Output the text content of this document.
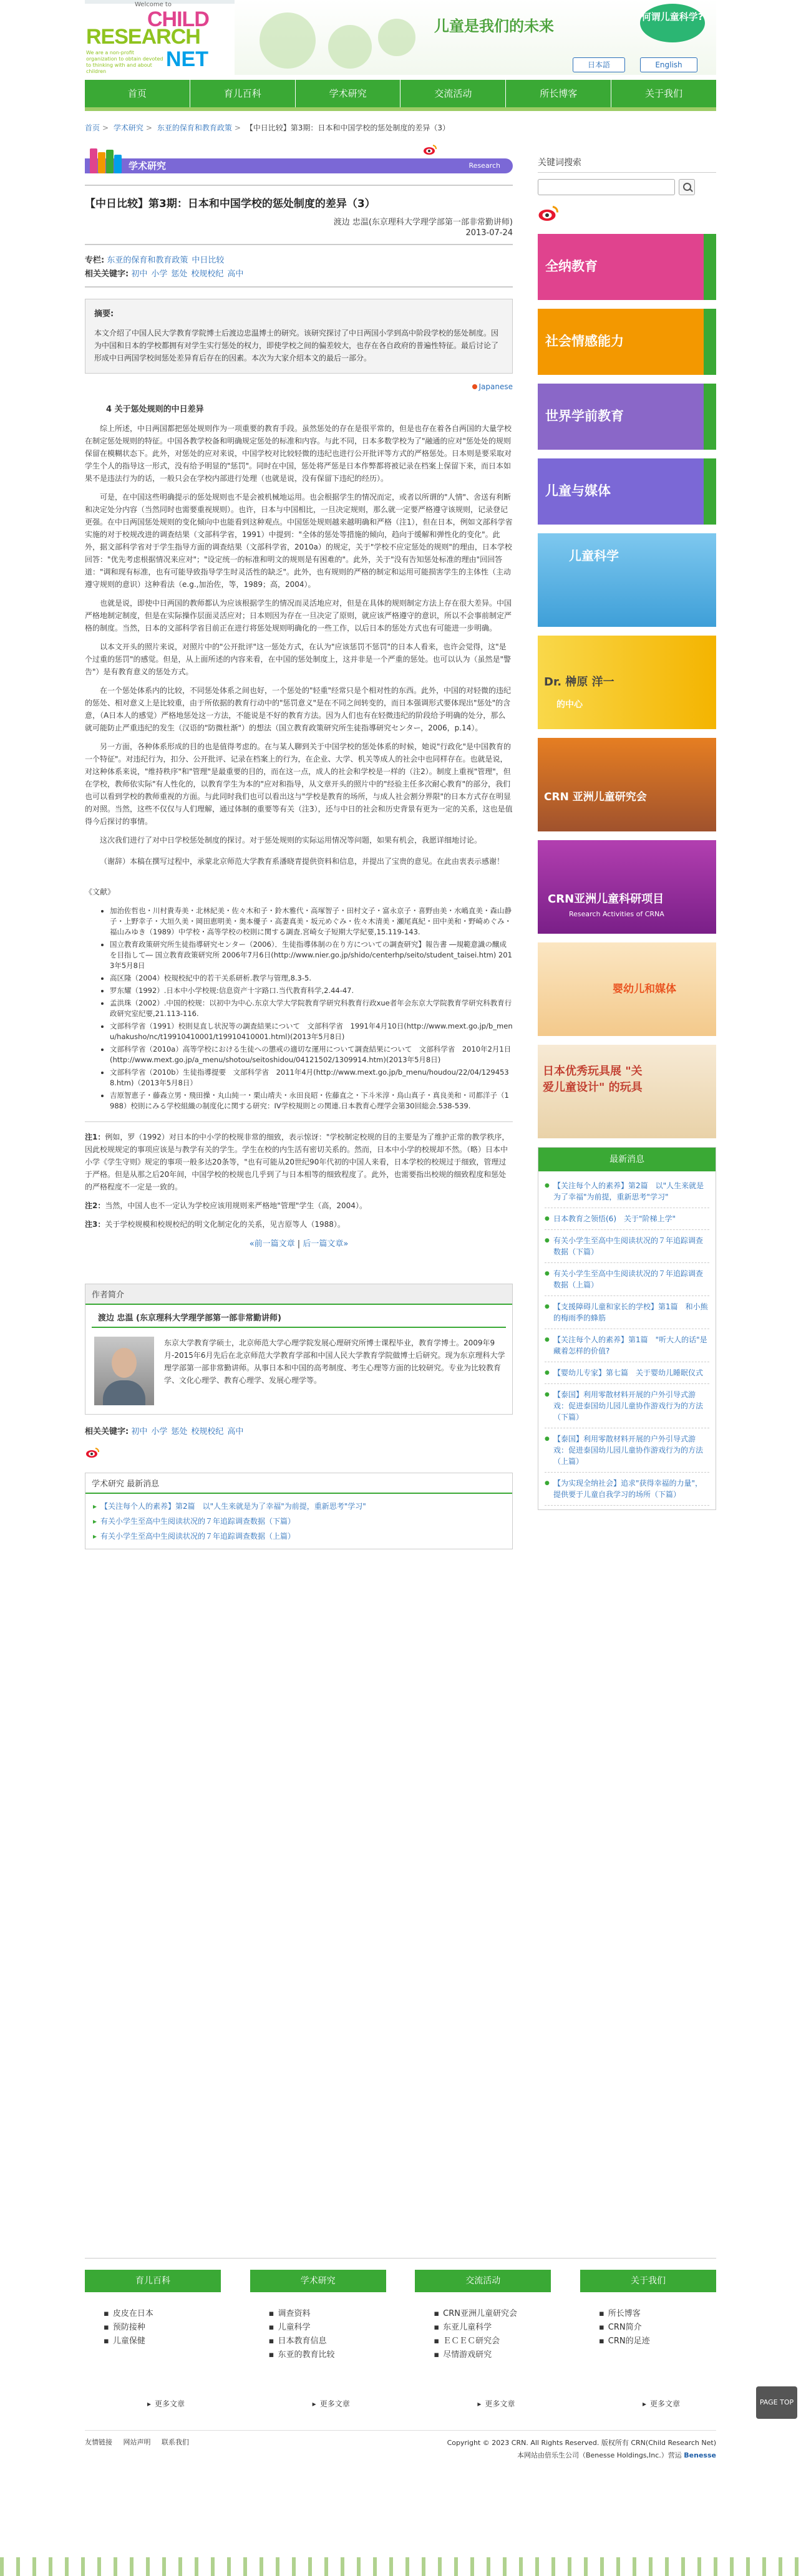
Welcome to
CHILD
RESEARCH
We are a non-profit organization to obtain devoted to thinking with and about children
NET
儿童是我们的未来
何谓儿童科学?
日本語	English
首页	育儿百科	学术研究	交流活动	所长博客	关于我们
首页 > 学术研究 > 东亚的保育和教育政策 > 【中日比较】第3期：日本和中国学校的惩处制度的差异（3）
学术研究	Research
【中日比较】第3期：日本和中国学校的惩处制度的差异（3）
渡边 忠温(东京理科大学理学部第一部非常勤讲师)
2013-07-24
专栏: 东亚的保育和教育政策 中日比较
相关关键字: 初中 小学 惩处 校规校纪 高中
摘要:

本文介绍了中国人民大学教育学院博士后渡边忠温博士的研究。该研究探讨了中日两国小学到高中阶段学校的惩处制度。因为中国和日本的学校都拥有对学生实行惩处的权力，即使学校之间的偏差较大，也存在各自政府的普遍性特征。最后讨论了形成中日两国学校间惩处差异育后存在的因素。本次为大家介绍本文的最后一部分。

Japanese
4 关于惩处规则的中日差异

综上所述，中日两国都把惩处规则作为一项重要的教育手段。虽然惩处的存在是很平常的，但是也存在着各自两国的大量学校在制定惩处规则的特征。中国各教学校备和明确规定惩处的标准和内容。与此不同，日本多数学校为了"融通的应对"惩处处的规则保留在模糊状态下。此外，对惩处的应对来说，中国学校对比较轻微的违纪也进行公开批评等方式的严格惩处。日本则是要采取对学生个人的指导这一形式，没有给予明显的"惩罚"。同时在中国，惩处将严惩是日本作弊都将被记录在档案上保留下来，而日本如果不是违法行为的话，一般只会在学校内部进行处理（也就是说，没有保留下违纪的经历）。

可是，在中国这些明确提示的惩处规则也不是会被机械地运用。也会根据学生的情况而定，或者以所谓的"人情"、舍送有利断和决定处分内容（当然同时也需要重视规则）。也许，日本与中国相比，一旦决定规则，那么就一定要严格遵守该规则，记录登记更强。在中日两国惩处规则的变化倾向中也能看到这种观点。中国惩处规则越来越明确和严格（注1），但在日本，例如文部科学省实施的对于校规改进的调查结果（文部科学省，1991）中提到："全体的惩处等措施的倾向，趋向于缓解和弹性化的变化"。此外，据文部科学省对于学生指导方面的调查结果（文部科学省，2010a）的规定，关于"学校不应定惩处的规则"的理由，日本学校回答："优先考虑根据情况来应对"；"设定统一的标准和明文的规则是有困难的"。此外，关于"没有告知惩处标准的理由"回回答道："调和现有标准，也有可能导致指导学生时灵活性的缺乏"。此外，也有规则的严格的制定和运用可能损害学生的主体性（主动遵守规则的意识）这种看法（e.g.,加治佐，等，1989；高，2004）。

也就是说，即使中日两国的教师都认为应该根据学生的情况而灵活地应对，但是在具体的规则制定方法上存在很大差异。中国严格地制定制度，但是在实际操作层面灵活应对；日本则因为存在一旦决定了原则，就应该严格遵守的意识，所以不会事前制定严格的制度。当然，日本的文部科学省目前正在进行将惩处规则明确化的一些工作，以后日本的惩处方式也有可能进一步明确。

以本文开头的照片来说，对照片中的"公开批评"这一惩处方式，在认为"应该惩罚不惩罚"的日本人看来，也许会觉得，这"是个过重的惩罚"的感觉。但是，从上面所述的内容来看，在中国的惩处制度上，这并非是一个严重的惩处。也可以认为（虽然是"警告"）是有教育意义的惩处方式。

在一个惩处体系内的比较，不同惩处体系之间也好，一个惩处的"轻重"经常只是个相对性的东西。此外，中国的对轻微的违纪的惩处、相对意义上是比较重，由于所依据的教育行动中的"惩罚意义"是在不同之间转变的，而日本强调形式要体现出"惩处"的含意，（A日本人的感觉）严格地惩处这一方法，不能说是不好的教育方法。因为人们也有在轻微违纪的阶段给予明确的处分，那么就可能防止严重违纪的发生（汉语的"防微杜渐"）的想法（国立教育政策研究所生徒指導研究センター，2006，p.14）。

另一方面，各种体系形成的目的也是值得考虑的。在与某人聊到关于中国学校的惩处体系的时候，她说"行政化"是中国教育的一个特征"。对违纪行为，扣分、公开批评、记录在档案上的行为，在企业、大学、机关等成人的社会中也同样存在。也就是说，对这种体系来说，"维持秩序"和"管理"是最重要的目的，而在这一点，成人的社会和学校是一样的（注2）。制度上重视"管理"，但在学校，教师依实际"有人性化的，以教育学生为本的"应对和指导，从文章开头的照片中的"经验主任多次耐心教育"的部分，我们也可以看到学校的教师重视的方面。与此同时我们也可以看出这与"学校是教育的场所，与成人社会割分界限"的日本方式存在明显的对照。当然，这些不仅仅与人们理解，通过体制的重要等有关（注3），还与中日的社会和历史背景有更为一定的关系，这也是值得今后探讨的事情。

这次我们进行了对中日学校惩处制度的探讨。对于惩处规则的实际运用情况等问题，如果有机会，我愿详细地讨论。

（谢辞）本稿在撰写过程中，承蒙北京师范大学教育系潘晓青提供资料和信息，并提出了宝贵的意见。在此由衷表示感谢！

《文献》
• 加治佐哲也・川村貴寿美・北林紀美・佐々木和子・鈴木雅代・高塚智子・田村文子・富永京子・喜野由美・水嶋直美・森山静子・上野幸子・大垣久美・岡田恵明美・奥本優子・高妻真美・坂元めぐみ・佐々木清美・瀬尾真紀・田中美和・野崎めぐみ・福山みゆき（1989）中学校・高等学校の校則に関する調査.宮崎女子短期大学紀要,15.119-143.
• 国立教育政策研究所生徒指導研究センター（2006）．生徒指導体制の在り方についての調査研究】報告書 ―規範意識の醸成を目指して― 国立教育政策研究所 2006年7月6日(http://www.nier.go.jp/shido/centerhp/seito/student_taisei.htm) 2013年5月8日
• 高区隆（2004）校規校紀中的若干关系研析.教学与管理,8.3-5.
• 罗东耀（1992）.日本中小学校规:信息资产十字路口.当代教育科学,2.44-47.
• 孟洪珠（2002）.中国的校规：以初中为中心.东京大学大学院教育学研究科教育行政xue者年会东京大学院教育学研究科教育行政研究室纪要,21.113-116.
• 文部科学省（1991）校則見直し状況等の調査結果について　文部科学省　1991年4月10日(http://www.mext.go.jp/b_menu/hakusho/nc/t19910410001/t19910410001.html)(2013年5月8日)
• 文部科学省（2010a）高等学校における生徒への懲戒の適切な運用について調査結果について　文部科学省　2010年2月1日(http://www.mext.go.jp/a_menu/shotou/seitoshidou/04121502/1309914.htm)(2013年5月8日)
• 文部科学省（2010b）生徒指導提要　文部科学省　2011年4月(http://www.mext.go.jp/b_menu/houdou/22/04/1294538.htm)（2013年5月8日）
• 吉原智恵子・藤森立男・飛田操・丸山純一・栗山靖夫・永田良昭・佐藤直之・下斗米淳・鳥山真子・真良美和・司都洋子（1988）校則にみる学校組織の制度化に関する研究：IV学校規則との関連.日本教育心理学会第30回総会.538-539.

注1：例如，罗（1992）对日本的中小学的校规非常的细致，表示惊讶："学校制定校规的目的主要是为了维护正常的教学秩序，因此校规规定的事项应该是与教学有关的学生。学生在校的内生活有密切关系的。然而，日本中小学的校规却不然。（略）日本中小学《学生守则》规定的事项一般多达20条等，"也有可能从20世纪90年代初的中国人来看，日本学校的校规过于细致，管理过于严格。但是从那之后20年间，中国学校的校规也几乎到了与日本相等的细致程度了。此外，也需要指出校规的细致程度和惩处的严格程度不一定是一致的。

注2：当然，中国人也不一定认为学校应该用规则来严格地"管理"学生（高，2004）。

注3：关于学校规模和校规校纪的明文化制定化的关系，见吉原等人（1988）。

«前一篇文章 | 后一篇文章»
作者简介
渡边 忠温 (东京理科大学理学部第一部非常勤讲师)

东京大学教育学硕士，北京师范大学心理学院发展心理研究所博士课程毕业，教育学博士。2009年9月-2015年6月先后在北京师范大学教育学部和中国人民大学教育学院做博士后研究。现为东京理科大学理学部第一部非常勤讲师。从事日本和中国的高考制度、考生心理等方面的比较研究。专业为比较教育学、文化心理学、教育心理学、发展心理学等。

相关关键字: 初中 小学 惩处 校规校纪 高中
学术研究 最新消息
▸ 【关注每个人的素养】第2篇　以"人生来就是为了幸福"为前提，重新思考"学习"
▸ 有关小学生至高中生阅读状况的７年追踪调查数据（下篇）
▸ 有关小学生至高中生阅读状况的７年追踪调查数据（上篇）
关键词搜索
全纳教育
社会情感能力
世界学前教育
儿童与媒体
儿童科学
Dr. 榊原 洋一
的中心
CRN 亚洲儿童研究会
CRN亚洲儿童科研项目
Research Activities of CRNA
婴幼儿和媒体
日本优秀玩具展 "关爱儿童设计" 的玩具
最新消息
● 【关注每个人的素养】第2篇　以"人生来就是为了幸福"为前提，重新思考"学习"
● 日本教育之领悟(6)　关于"阶梯上学"
● 有关小学生至高中生阅读状况的７年追踪调查数据（下篇）
● 有关小学生至高中生阅读状况的７年追踪调查数据（上篇）
● 【支援障碍儿童和家长的学校】第1篇　和小熊的梅雨季的蜂筋
● 【关注每个人的素养】第1篇　"听大人的话"是藏着怎样的价值?
● 【婴幼儿专家】第七篇　关于婴幼儿睡眠仪式
● 【泰国】利用零散材料开展的户外引导式游戏：促进泰国幼儿园儿童协作游戏行为的方法（下篇）
● 【泰国】利用零散材料开展的户外引导式游戏：促进泰国幼儿园儿童协作游戏行为的方法（上篇）
● 【为实现全纳社会】追求"获得幸福的力量"，提供要于儿童自我学习的场所（下篇）
育儿百科
▪ 皮皮在日本
▪ 预防接种
▪ 儿童保健
▸ 更多文章
学术研究
▪ 调查资料
▪ 儿童科学
▪ 日本教育信息
▪ 东亚的教育比较
▸ 更多文章
交流活动
▪ CRN亚洲儿童研究会
▪ 东亚儿童科学
▪ ＥＣＥＣ研究会
▪ 尽情游戏研究
▸ 更多文章
关于我们
▪ 所长博客
▪ CRN简介
▪ CRN的足迹
▸ 更多文章
友情链接 网站声明 联系我们	Copyright © 2023 CRN. All Rights Reserved. 版权所有 CRN(Child Research Net)
本网站由倍乐生公司（Benesse Holdings,Inc.）营运 Benesse
PAGE TOP
